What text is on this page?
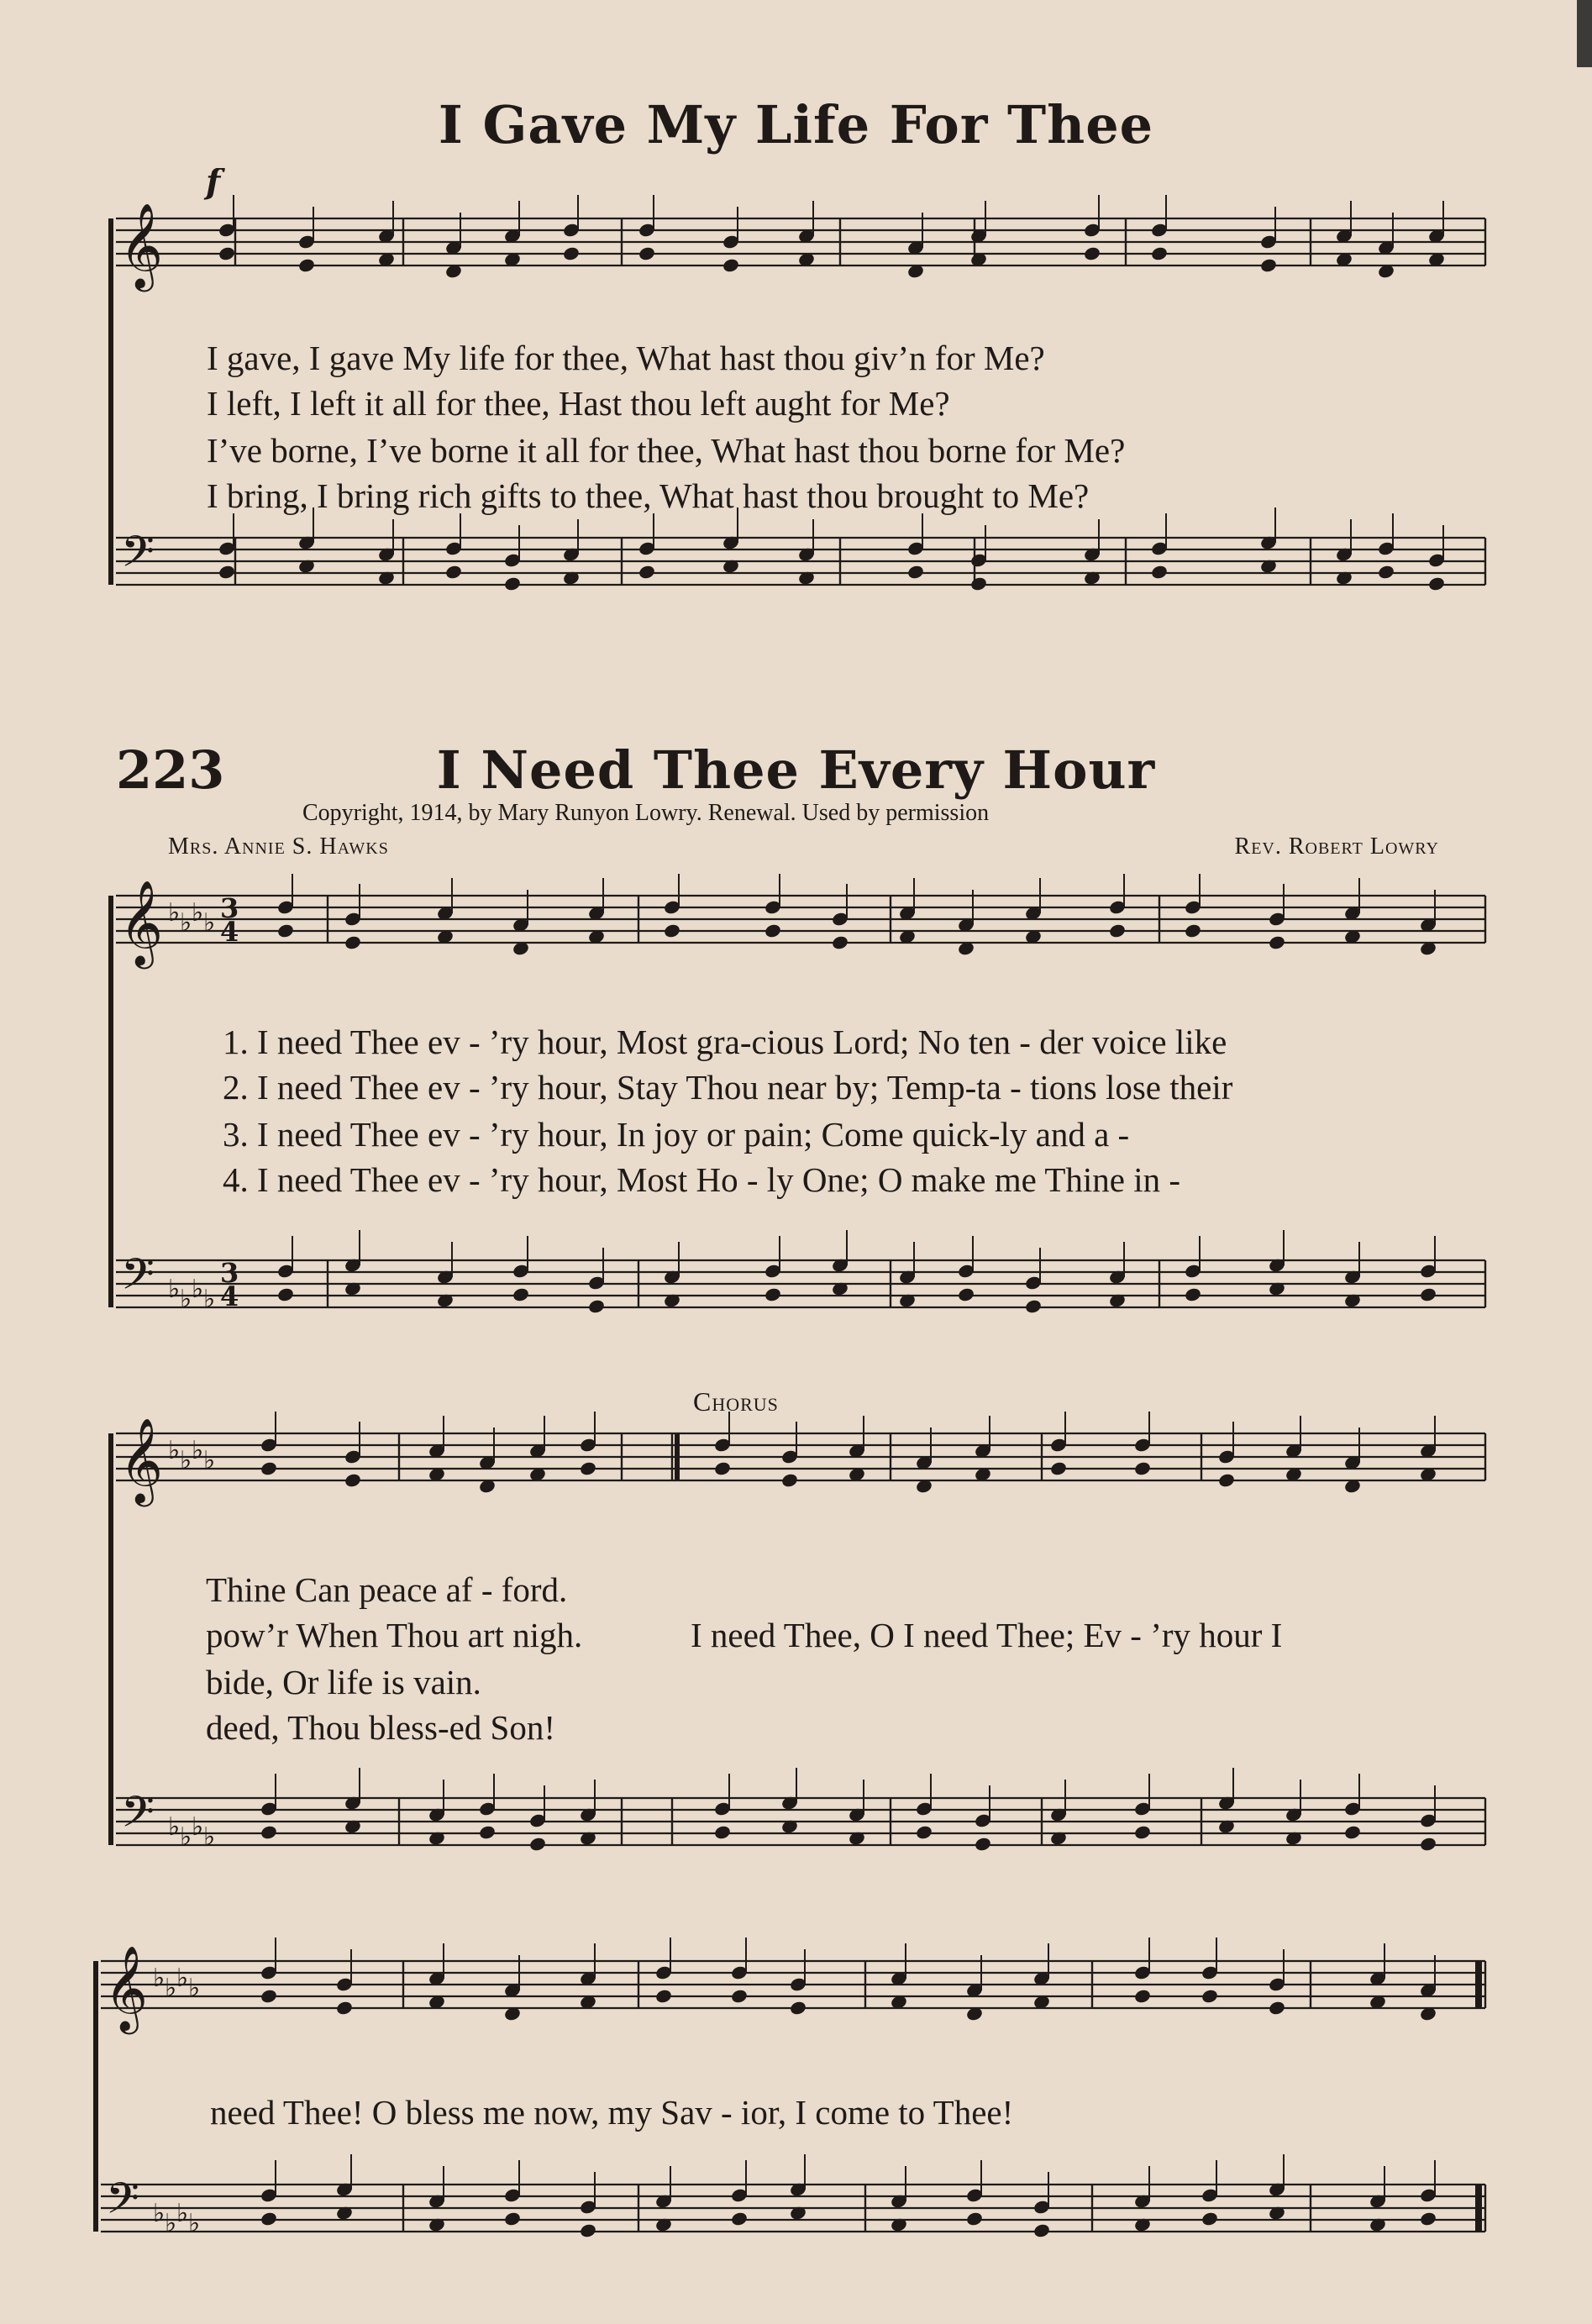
I Gave My Life For Thee
𝄞
𝄢
f
I gave, I gave My life for thee, What hast thou giv’n for Me?
I left, I left it all for thee, Hast thou left aught for Me?
I’ve borne, I’ve borne it all for thee, What hast thou borne for Me?
I bring, I bring rich gifts to thee, What hast thou brought to Me?
223	I Need Thee Every Hour
Copyright, 1914, by Mary Runyon Lowry. Renewal. Used by permission
Mrs. Annie S. Hawks	Rev. Robert Lowry
𝄞
𝄢
♭
♭
♭
♭
♭
♭
♭
♭
3
3
4
4
1. I need Thee ev - ’ry hour, Most gra-cious Lord; No ten - der voice like
2. I need Thee ev - ’ry hour, Stay Thou near by; Temp-ta - tions lose their
3. I need Thee ev - ’ry hour, In joy or pain; Come quick-ly and a -
4. I need Thee ev - ’ry hour, Most Ho - ly One; O make me Thine in -
Chorus
𝄞
𝄢
♭
♭
♭
♭
♭
♭
♭
♭
Thine Can peace af - ford.
pow’r When Thou art nigh.
bide, Or life is vain.
deed, Thou bless-ed Son!
I need Thee, O I need Thee; Ev - ’ry hour I
𝄞
𝄢
♭
♭
♭
♭
♭
♭
♭
♭
need Thee! O bless me now, my Sav - ior, I come to Thee!
